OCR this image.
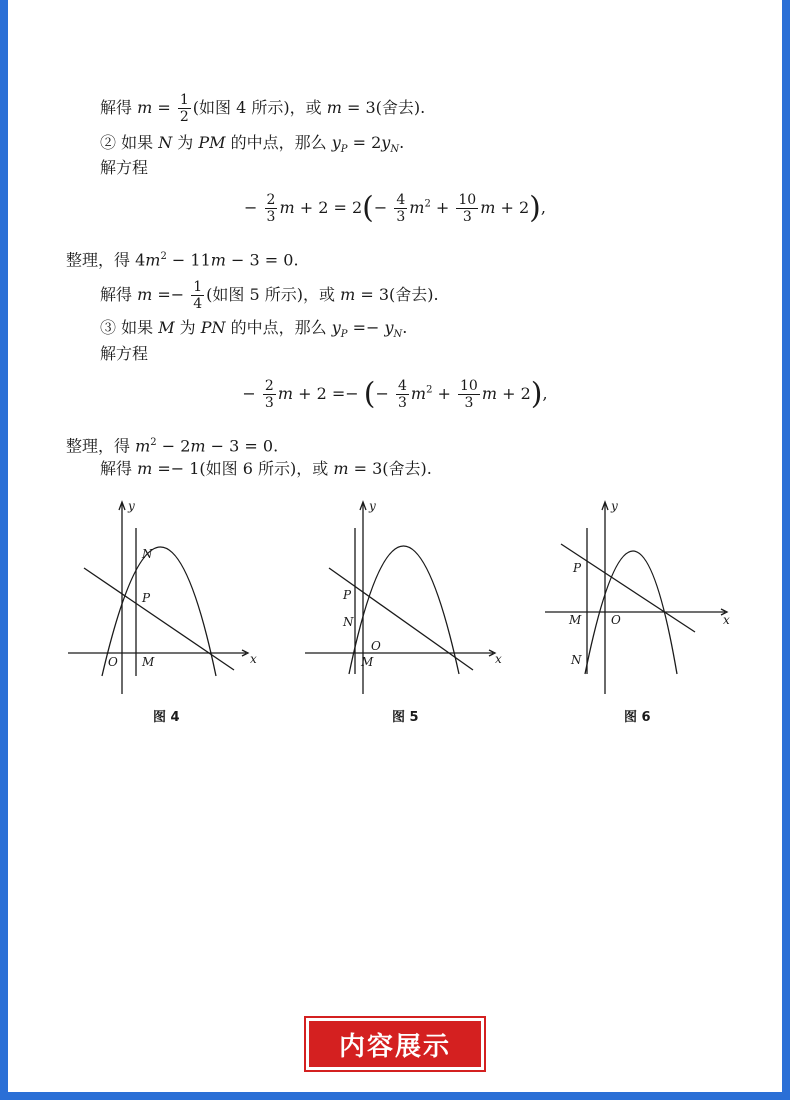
解得 $m = \frac{1}{2}$ (如图 4 所示)，或 m = 3(舍去).
② 如果 N 为 PM 的中点，那么 $y_P = 2y_N$.
解方程
− $\frac{2}{3}$ $m + 2 = 2(- \frac{4}{3} m^2 + \frac{10}{3}$ m + 2),
整理，得 $4m^2 - 11m - 3 = 0$.
解得 $m =- \frac{1}{4}$ (如图 5 所示)，或 m = 3(舍去).
③ 如果 M 为 PN 的中点，那么 $y_P =- y_N$.
解方程
− $\frac{2}{3}$ m + 2 =− (− $\frac{4}{3} m^2 + \frac{10}{3}$ m + 2),
整理，得 $m^2 - 2m - 3 = 0$.
解得 m =− 1(如图 6 所示)，或 m = 3(舍去).
y
x
O M
N
P
图 4
y
x
O
M
N
P
图 5
y
x
O
M
N
P
图 6
内容展示
